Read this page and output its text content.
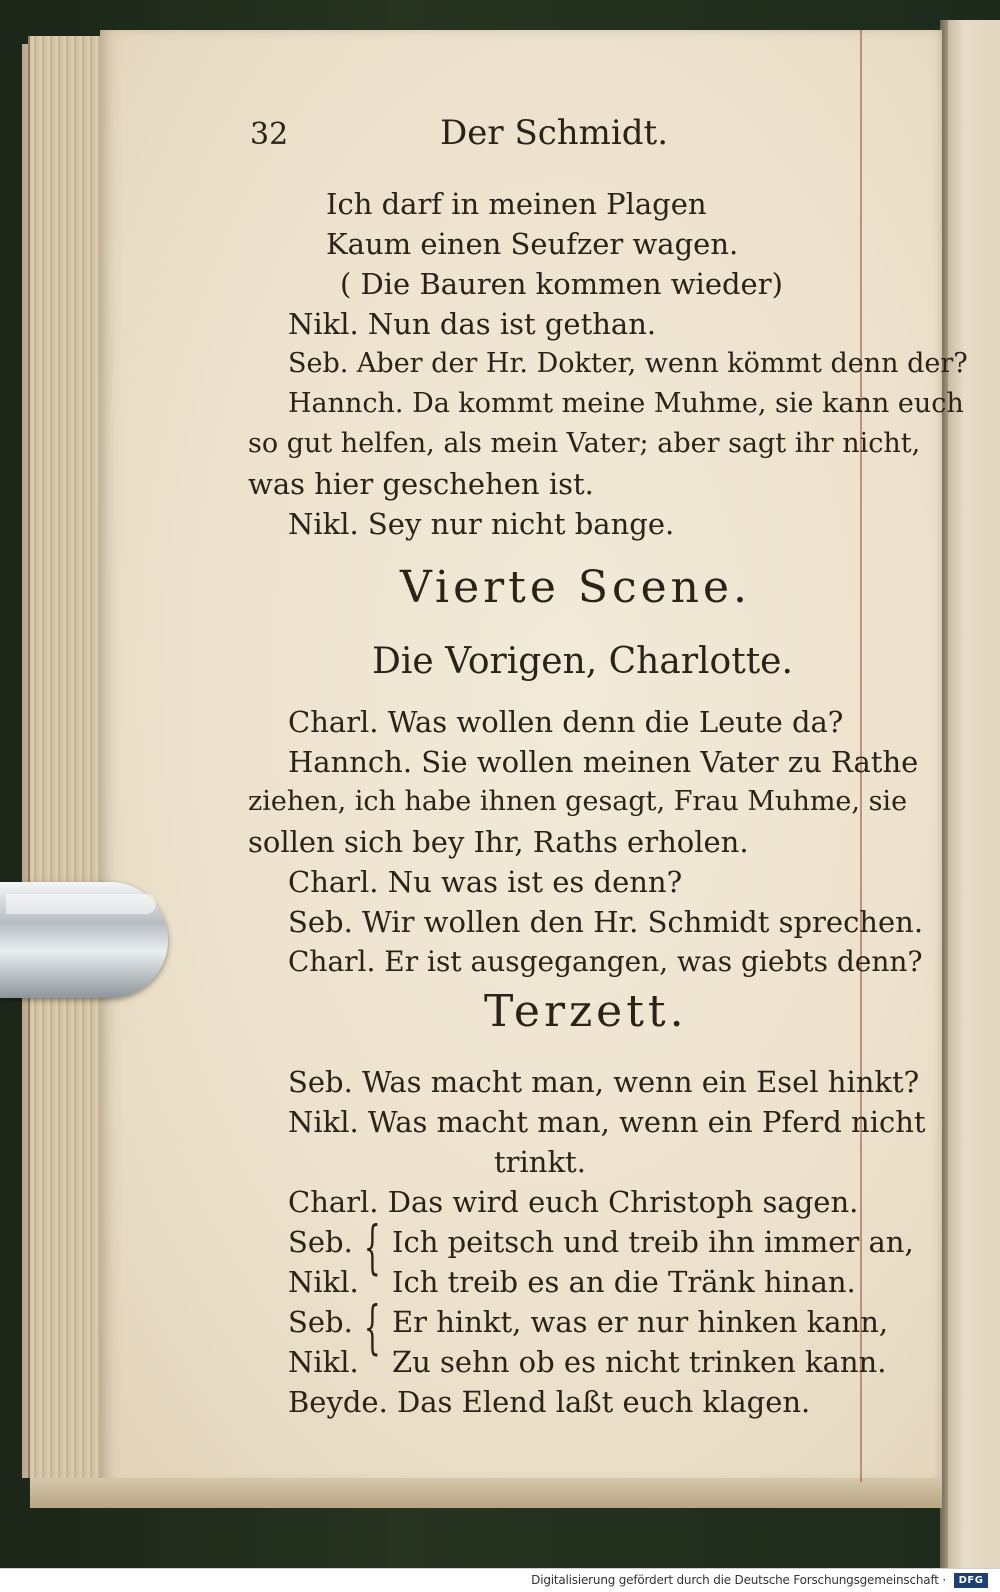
32	Der Schmidt.
Ich darf in meinen Plagen
Kaum einen Seufzer wagen.
( Die Bauren kommen wieder)
Nikl. Nun das ist gethan.
Seb. Aber der Hr. Dokter, wenn kömmt denn der?
Hannch. Da kommt meine Muhme, sie kann euch
so gut helfen, als mein Vater; aber sagt ihr nicht,
was hier geschehen ist.
Nikl. Sey nur nicht bange.
Vierte Scene.
Die Vorigen, Charlotte.
Charl. Was wollen denn die Leute da?
Hannch. Sie wollen meinen Vater zu Rathe
ziehen, ich habe ihnen gesagt, Frau Muhme, sie
sollen sich bey Ihr, Raths erholen.
Charl. Nu was ist es denn?
Seb. Wir wollen den Hr. Schmidt sprechen.
Charl. Er ist ausgegangen, was giebts denn?
Terzett.
Seb. Was macht man, wenn ein Esel hinkt?
Nikl. Was macht man, wenn ein Pferd nicht
trinkt.
Charl. Das wird euch Christoph sagen.
Seb. Ich peitsch und treib ihn immer an,
Nikl. Ich treib es an die Tränk hinan.
{
Seb. Er hinkt, was er nur hinken kann,
Nikl. Zu sehn ob es nicht trinken kann.
{
Beyde. Das Elend laßt euch klagen.
Digitalisierung gefördert durch die Deutsche Forschungsgemeinschaft ·	DFG
